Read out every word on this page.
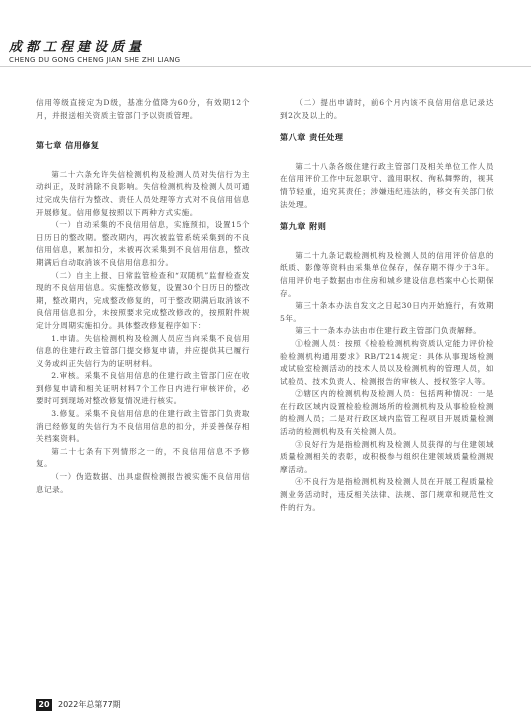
成都工程建设质量
CHENG DU GONG CHENG JIAN SHE ZHI LIANG

信用等级直接定为D级，基准分值降为60分，有效期12个月，并报送相关资质主管部门予以资质管理。

第七章 信用修复

第二十六条允许失信检测机构及检测人员对失信行为主动纠正，及时消除不良影响。失信检测机构及检测人员可通过完成失信行为整改、责任人员处理等方式对不良信用信息开展修复。信用修复按照以下两种方式实施。

（一）自动采集的不良信用信息，实施预扣，设置15个日历日的整改期。整改期内，再次被监管系统采集到的不良信用信息，累加扣分，未被再次采集到不良信用信息，整改期满后自动取消该不良信用信息扣分。

（二）自主上报、日常监管检查和“双随机”监督检查发现的不良信用信息。实施整改修复，设置30个日历日的整改期，整改期内，完成整改修复的，可于整改期满后取消该不良信用信息扣分，未按照要求完成整改修改的，按照附件规定计分周期实施扣分。具体整改修复程序如下：

1.申请。失信检测机构及检测人员应当向采集不良信用信息的住建行政主管部门提交修复申请，并应提供其已履行义务或纠正失信行为的证明材料。

2.审核。采集不良信用信息的住建行政主管部门应在收到修复申请和相关证明材料7个工作日内进行审核评价，必要时可到现场对整改修复情况进行核实。

3.修复。采集不良信用信息的住建行政主管部门负责取消已经修复的失信行为不良信用信息的扣分，并妥善保存相关档案资料。

第二十七条有下列情形之一的，不良信用信息不予修复。

（一）伪造数据、出具虚假检测报告被实施不良信用信息记录。

（二）提出申请时，前6个月内该不良信用信息记录达到2次及以上的。

第八章 责任处理

第二十八条各级住建行政主管部门及相关单位工作人员在信用评价工作中玩忽职守、滥用职权、徇私舞弊的，视其情节轻重，追究其责任；涉嫌违纪违法的，移交有关部门依法处理。

第九章 附则

第二十九条记载检测机构及检测人员的信用评价信息的纸质、影像等资料由采集单位保存，保存期不得少于3年。信用评价电子数据由市住房和城乡建设信息档案中心长期保存。

第三十条本办法自发文之日起30日内开始施行，有效期5年。

第三十一条本办法由市住建行政主管部门负责解释。

①检测人员：按照《检验检测机构资质认定能力评价检验检测机构通用要求》RB/T214规定：具体从事现场检测或试验室检测活动的技术人员以及检测机构的管理人员，如试验员、技术负责人、检测报告的审核人、授权签字人等。

②辖区内的检测机构及检测人员：包括两种情况：一是在行政区域内设置检验检测场所的检测机构及从事检验检测的检测人员；二是对行政区域内监管工程项目开展质量检测活动的检测机构及有关检测人员。

③良好行为是指检测机构及检测人员获得的与住建领域质量检测相关的表彰，或积极参与组织住建领域质量检测规摩活动。

④不良行为是指检测机构及检测人员在开展工程质量检测业务活动时，违反相关法律、法规、部门规章和规范性文件的行为。

20	2022年总第77期
